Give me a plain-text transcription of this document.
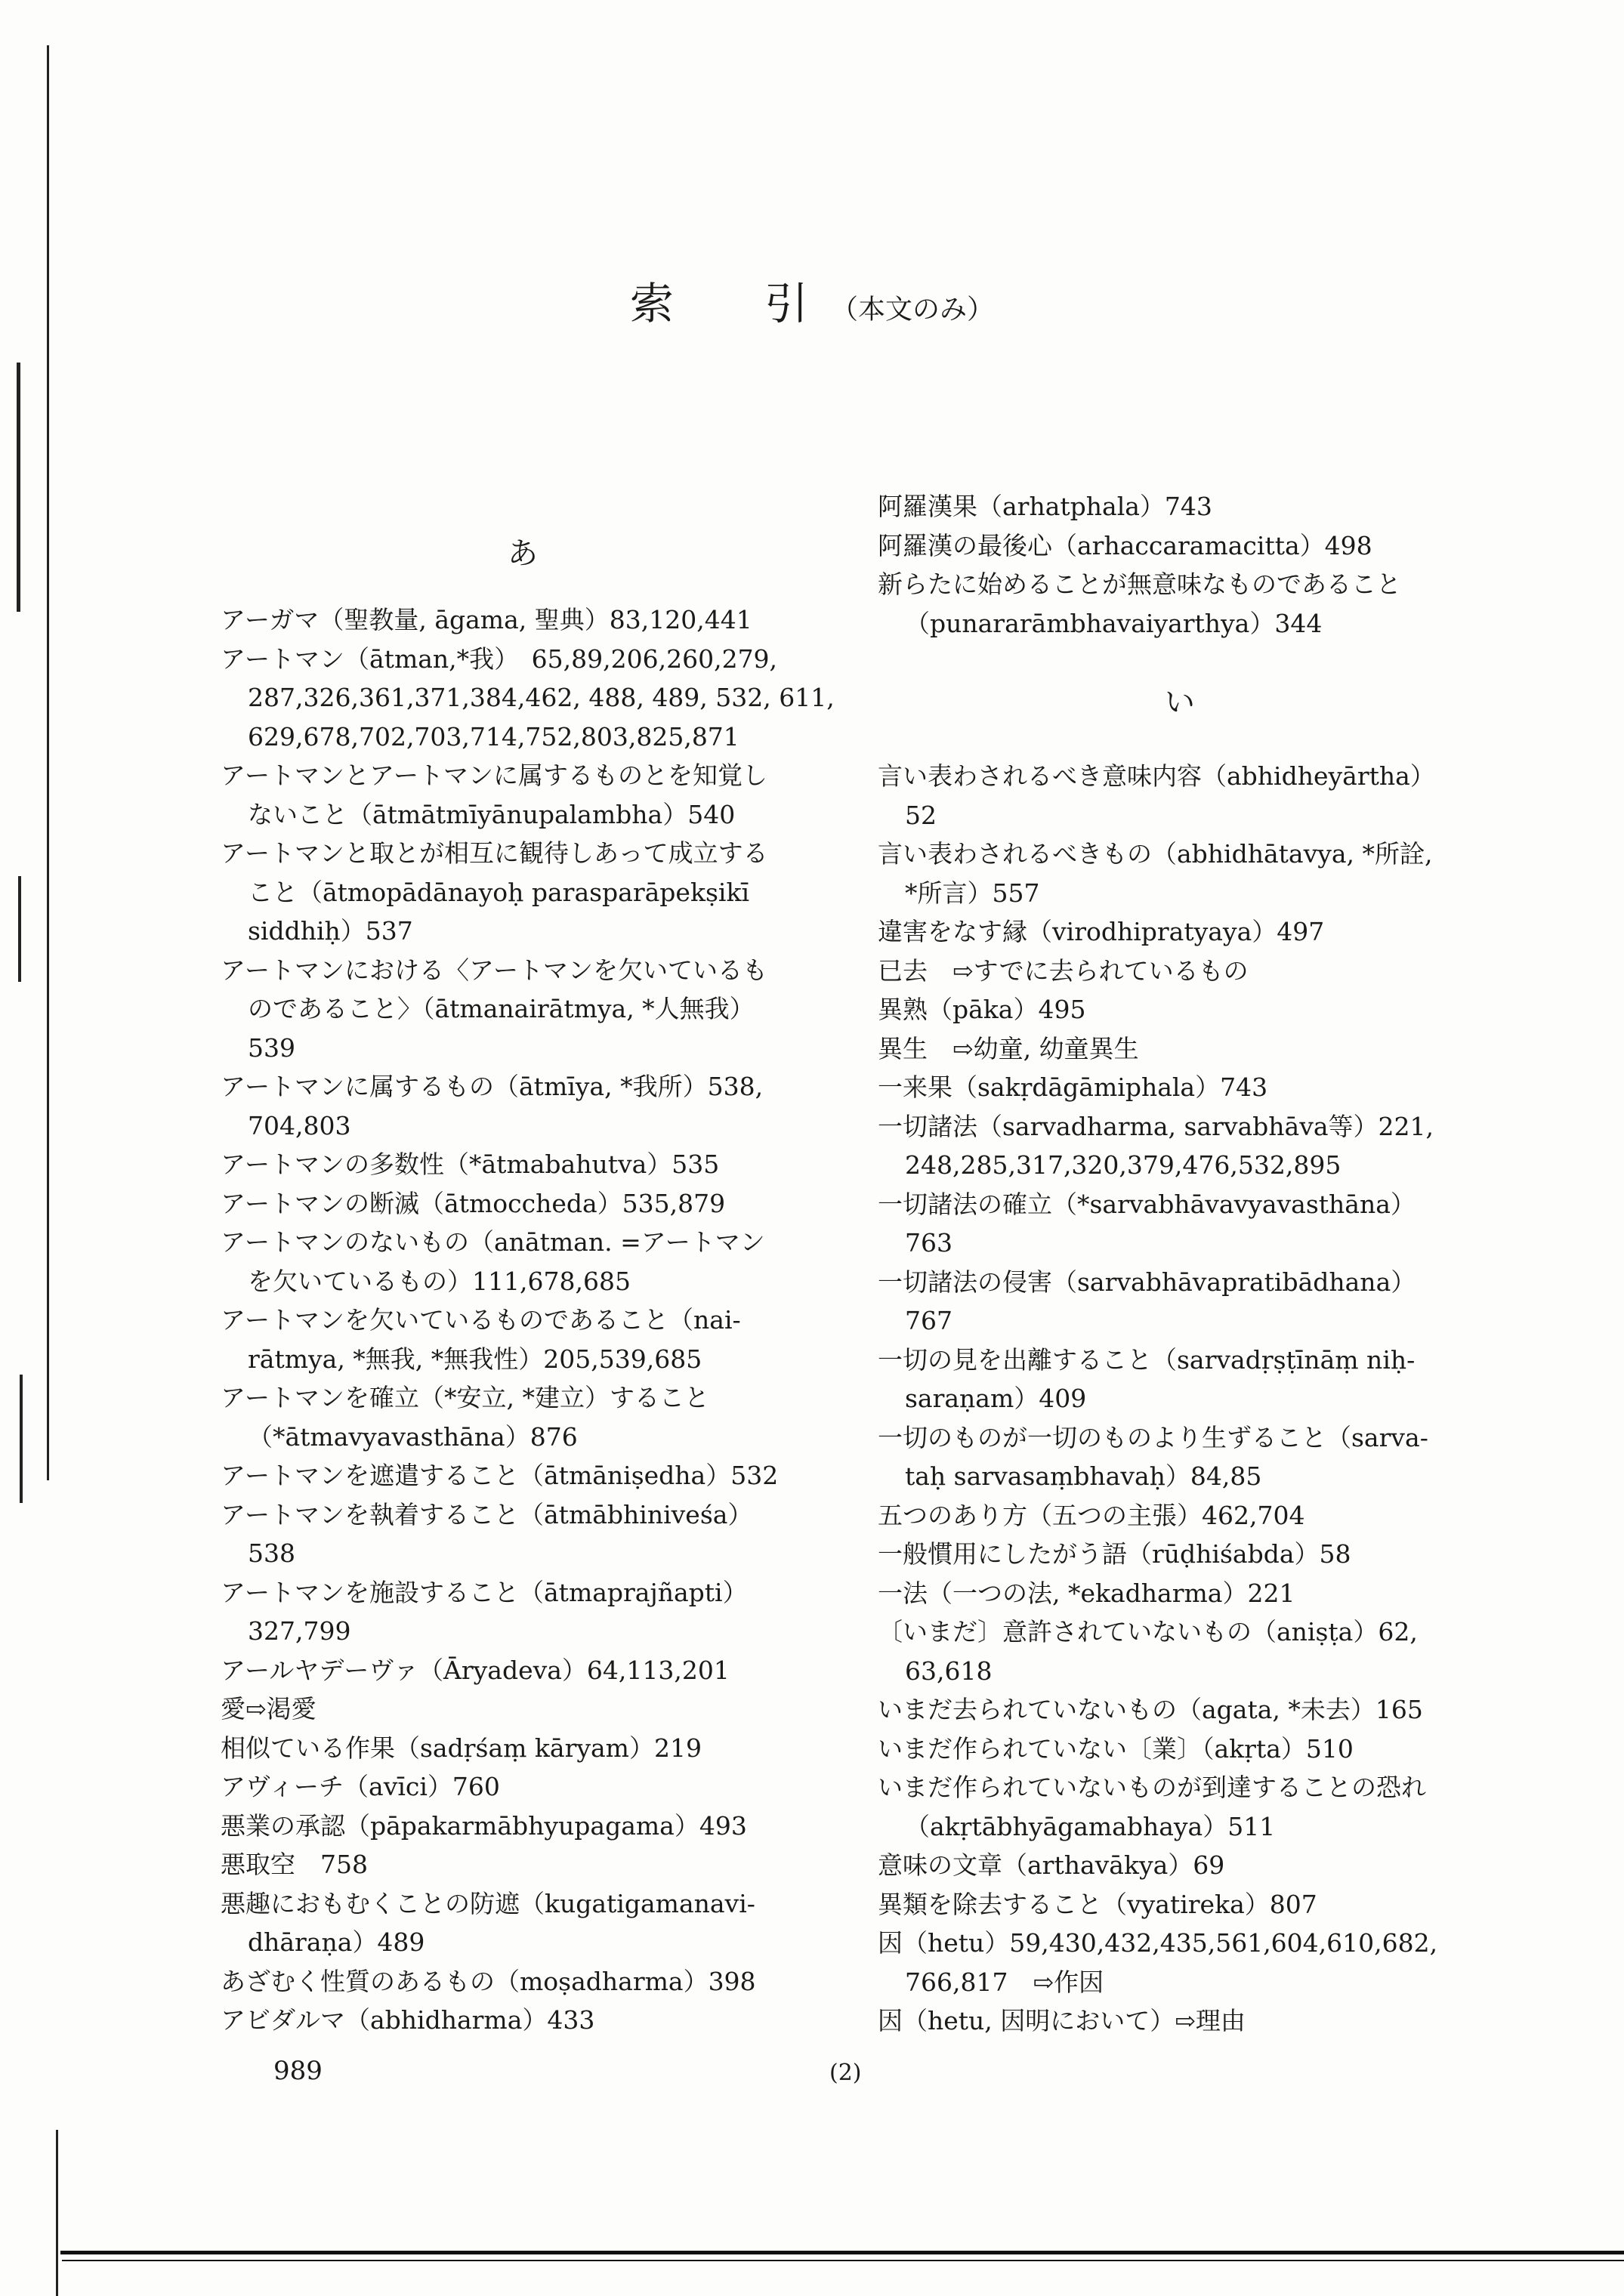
索 引 （本文のみ）
あ
アーガマ（聖教量, āgama, 聖典）83,120,441
アートマン（ātman,*我）　65,89,206,260,279,
287,326,361,371,384,462, 488, 489, 532, 611,
629,678,702,703,714,752,803,825,871
アートマンとアートマンに属するものとを知覚し
ないこと（ātmātmīyānupalambha）540
アートマンと取とが相互に観待しあって成立する
こと（ātmopādānayoḥ parasparāpekṣikī
siddhiḥ）537
アートマンにおける〈アートマンを欠いているも
のであること〉（ātmanairātmya, *人無我）
539
アートマンに属するもの（ātmīya, *我所）538,
704,803
アートマンの多数性（*ātmabahutva）535
アートマンの断滅（ātmoccheda）535,879
アートマンのないもの（anātman. =アートマン
を欠いているもの）111,678,685
アートマンを欠いているものであること（nai-
rātmya, *無我, *無我性）205,539,685
アートマンを確立（*安立, *建立）すること
（*ātmavyavasthāna）876
アートマンを遮遣すること（ātmāniṣedha）532
アートマンを執着すること（ātmābhiniveśa）
538
アートマンを施設すること（ātmaprajñapti）
327,799
アールヤデーヴァ（Āryadeva）64,113,201
愛⇨渇愛
相似ている作果（sadṛśaṃ kāryam）219
アヴィーチ（avīci）760
悪業の承認（pāpakarmābhyupagama）493
悪取空　758
悪趣におもむくことの防遮（kugatigamanavi-
dhāraṇa）489
あざむく性質のあるもの（moṣadharma）398
アビダルマ（abhidharma）433
阿羅漢果（arhatphala）743
阿羅漢の最後心（arhaccaramacitta）498
新らたに始めることが無意味なものであること
（punararāmbhavaiyarthya）344
い
言い表わされるべき意味内容（abhidheyārtha）
52
言い表わされるべきもの（abhidhātavya, *所詮,
*所言）557
違害をなす縁（virodhipratyaya）497
已去　⇨すでに去られているもの
異熟（pāka）495
異生　⇨幼童, 幼童異生
一来果（sakṛdāgāmiphala）743
一切諸法（sarvadharma, sarvabhāva等）221,
248,285,317,320,379,476,532,895
一切諸法の確立（*sarvabhāvavyavasthāna）
763
一切諸法の侵害（sarvabhāvapratibādhana）
767
一切の見を出離すること（sarvadṛṣṭīnāṃ niḥ-
saraṇam）409
一切のものが一切のものより生ずること（sarva-
taḥ sarvasaṃbhavaḥ）84,85
五つのあり方（五つの主張）462,704
一般慣用にしたがう語（rūḍhiśabda）58
一法（一つの法, *ekadharma）221
〔いまだ〕意許されていないもの（aniṣṭa）62,
63,618
いまだ去られていないもの（agata, *未去）165
いまだ作られていない〔業〕（akṛta）510
いまだ作られていないものが到達することの恐れ
（akṛtābhyāgamabhaya）511
意味の文章（arthavākya）69
異類を除去すること（vyatireka）807
因（hetu）59,430,432,435,561,604,610,682,
766,817　⇨作因
因（hetu, 因明において）⇨理由
989	(2)
